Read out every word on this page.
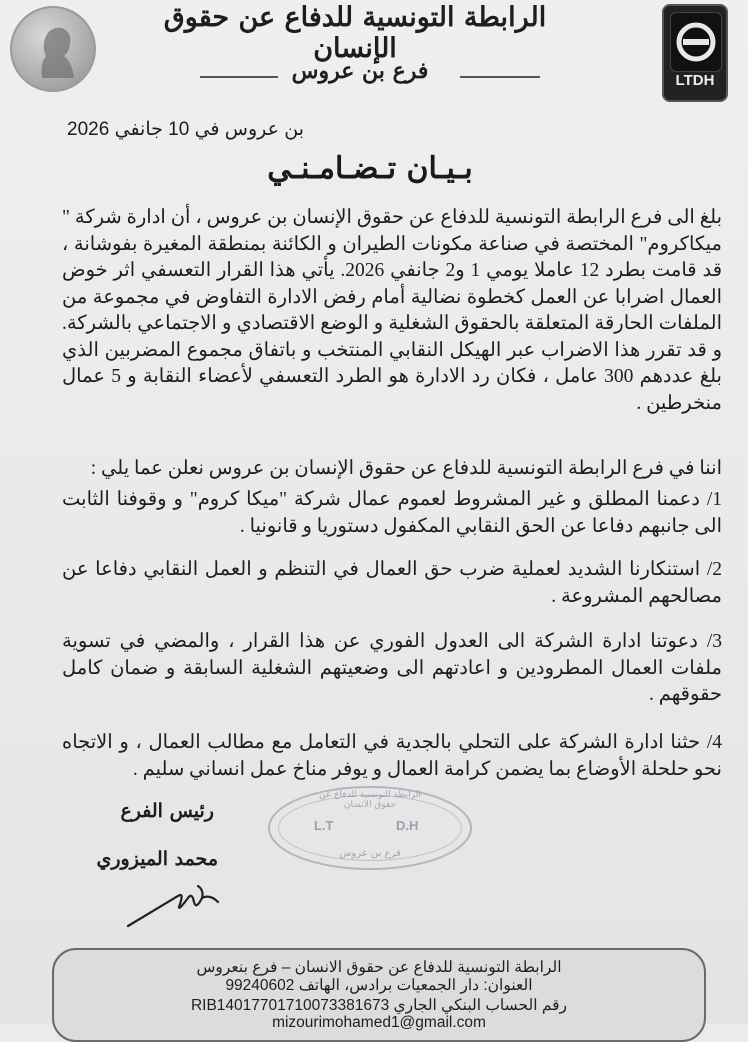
الرابطة التونسية للدفاع عن حقوق الإنسان
فرع بن عروس	LTDH
بن عروس في 10 جانفي 2026
بـيـان تـضـامـنـي
بلغ الى فرع الرابطة التونسية للدفاع عن حقوق الإنسان بن عروس ، أن ادارة شركة " ميكاكروم" المختصة في صناعة مكونات الطيران و الكائنة بمنطقة المغيرة بفوشانة ، قد قامت بطرد 12 عاملا يومي 1 و2 جانفي 2026. يأتي هذا القرار التعسفي اثر خوض العمال اضرابا عن العمل كخطوة نضالية أمام رفض الادارة التفاوض في مجموعة من الملفات الحارقة المتعلقة بالحقوق الشغلية و الوضع الاقتصادي و الاجتماعي بالشركة. و قد تقرر هذا الاضراب عبر الهيكل النقابي المنتخب و باتفاق مجموع المضربين الذي بلغ عددهم 300 عامل ، فكان رد الادارة هو الطرد التعسفي لأعضاء النقابة و 5 عمال منخرطين .
اننا في فرع الرابطة التونسية للدفاع عن حقوق الإنسان بن عروس نعلن عما يلي :
1/ دعمنا المطلق و غير المشروط لعموم عمال شركة "ميكا كروم" و وقوفنا الثابت الى جانبهم دفاعا عن الحق النقابي المكفول دستوريا و قانونيا .
2/ استنكارنا الشديد لعملية ضرب حق العمال في التنظم و العمل النقابي دفاعا عن مصالحهم المشروعة .
3/ دعوتنا ادارة الشركة الى العدول الفوري عن هذا القرار ، والمضي في تسوية ملفات العمال المطرودين و اعادتهم الى وضعيتهم الشغلية السابقة و ضمان كامل حقوقهم .
4/ حثنا ادارة الشركة على التحلي بالجدية في التعامل مع مطالب العمال ، و الاتجاه نحو حلحلة الأوضاع بما يضمن كرامة العمال و يوفر مناخ عمل انساني سليم .
رئيس الفرع
محمد الميزوري
الرابطة التونسية للدفاع عن حقوق الانسان
L.T	D.H
فرع بن عروس
الرابطة التونسية للدفاع عن حقوق الانسان – فرع بنعروس
العنوان: دار الجمعيات برادس، الهاتف 99240602
رقم الحساب البنكي الجاري RIB14017701710073381673
mizourimohamed1@gmail.com
